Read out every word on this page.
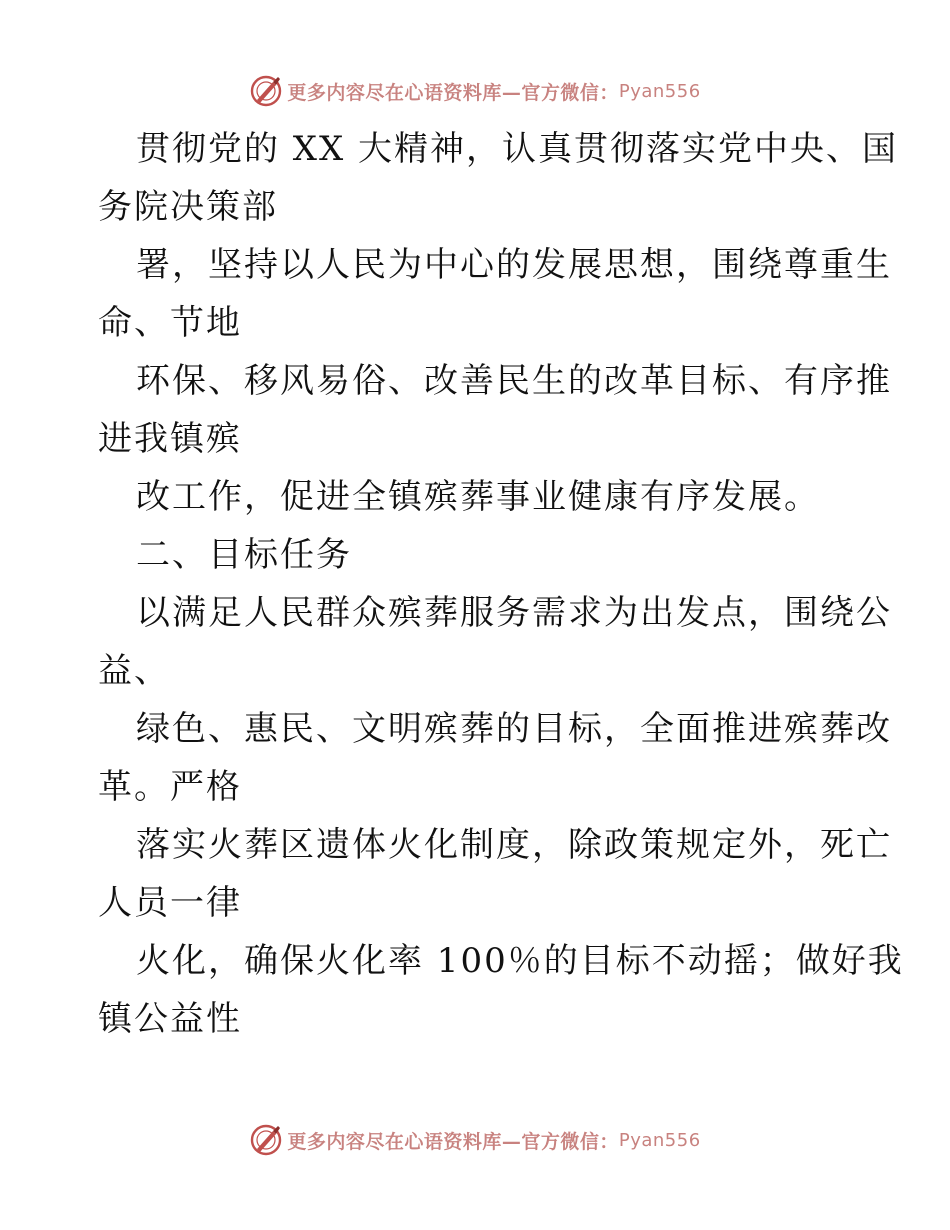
更多内容尽在心语资料库—官方微信： Pyan556
贯彻党的 XX 大精神，认真贯彻落实党中央、国
务院决策部
署，坚持以人民为中心的发展思想，围绕尊重生
命、节地
环保、移风易俗、改善民生的改革目标、有序推
进我镇殡
改工作，促进全镇殡葬事业健康有序发展。
二、目标任务
以满足人民群众殡葬服务需求为出发点，围绕公
益、
绿色、惠民、文明殡葬的目标，全面推进殡葬改
革。严格
落实火葬区遗体火化制度，除政策规定外，死亡
人员一律
火化，确保火化率 100％的目标不动摇；做好我
镇公益性
更多内容尽在心语资料库—官方微信： Pyan556
